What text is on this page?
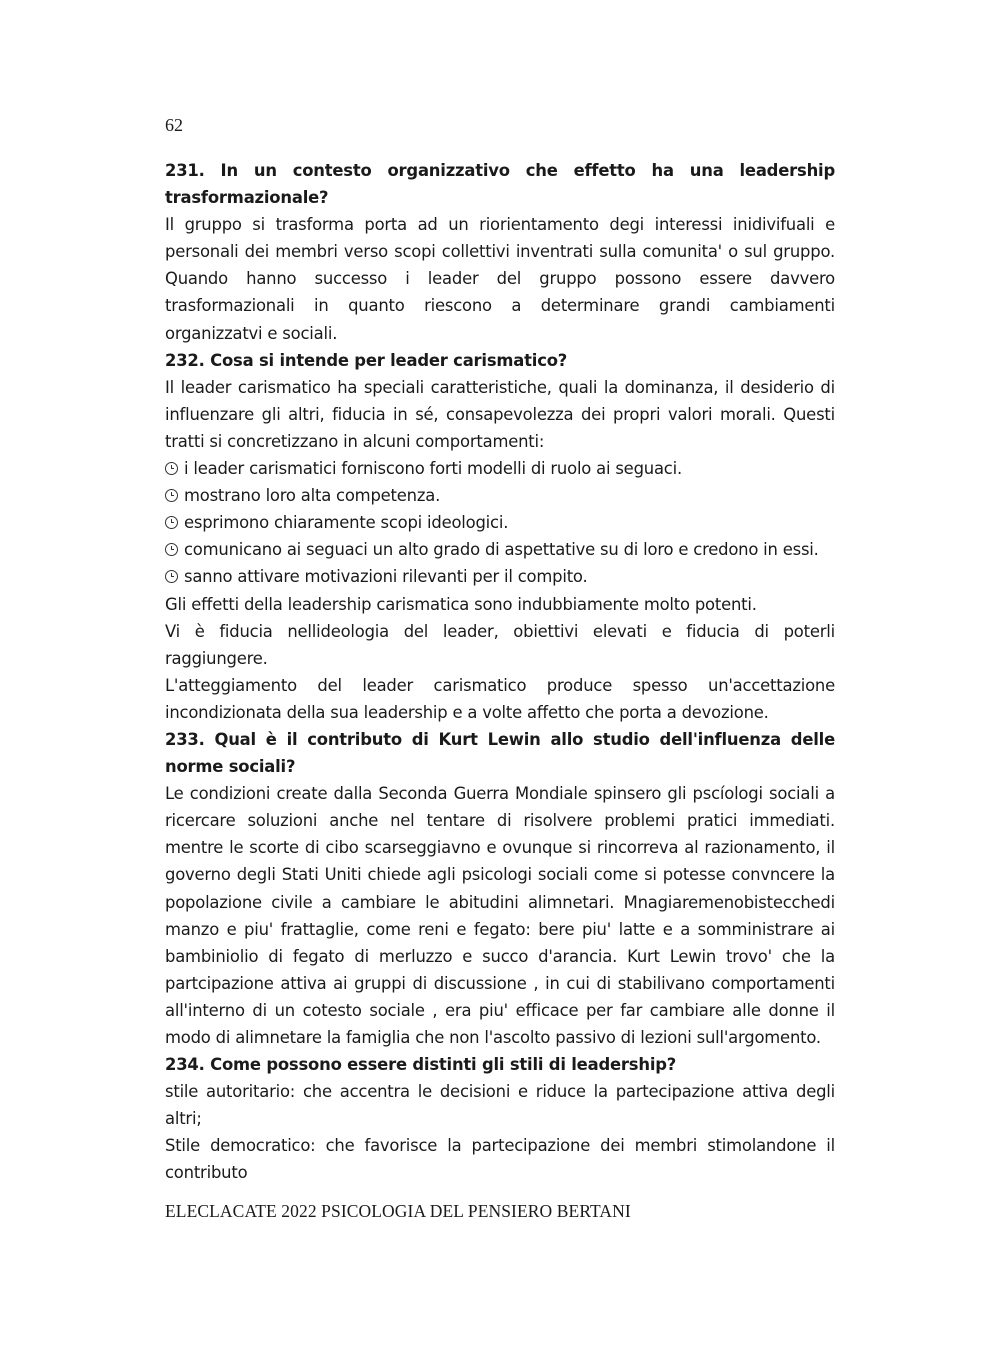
62

231. In un contesto organizzativo che effetto ha una leadership trasformazionale?

Il gruppo si trasforma porta ad un riorientamento degi interessi inidivifuali e personali dei membri verso scopi collettivi inventrati sulla comunita' o sul gruppo. Quando hanno successo i leader del gruppo possono essere davvero trasformazionali in quanto riescono a determinare grandi cambiamenti organizzatvi e sociali.

232. Cosa si intende per leader carismatico?

Il leader carismatico ha speciali caratteristiche, quali la dominanza, il desiderio di influenzare gli altri, fiducia in sé, consapevolezza dei propri valori morali. Questi tratti si concretizzano in alcuni comportamenti:

i leader carismatici forniscono forti modelli di ruolo ai seguaci.

mostrano loro alta competenza.

esprimono chiaramente scopi ideologici.

comunicano ai seguaci un alto grado di aspettative su di loro e credono in essi.

sanno attivare motivazioni rilevanti per il compito.

Gli effetti della leadership carismatica sono indubbiamente molto potenti.

Vi è fiducia nellideologia del leader, obiettivi elevati e fiducia di poterli raggiungere.

L'atteggiamento del leader carismatico produce spesso un'accettazione incondizionata della sua leadership e a volte affetto che porta a devozione.

233. Qual è il contributo di Kurt Lewin allo studio dell'influenza delle norme sociali?

Le condizioni create dalla Seconda Guerra Mondiale spinsero gli pscíologi sociali a ricercare soluzioni anche nel tentare di risolvere problemi pratici immediati. mentre le scorte di cibo scarseggiavno e ovunque si rincorreva al razionamento, il governo degli Stati Uniti chiede agli psicologi sociali come si potesse convncere la popolazione civile a cambiare le abitudini alimnetari. Mnagiaremenobistecchedi manzo e piu' frattaglie, come reni e fegato: bere piu' latte e a somministrare ai bambiniolio di fegato di merluzzo e succo d'arancia. Kurt Lewin trovo' che la partcipazione attiva ai gruppi di discussione , in cui di stabilivano comportamenti all'interno di un cotesto sociale , era piu' efficace per far cambiare alle donne il modo di alimnetare la famiglia che non l'ascolto passivo di lezioni sull'argomento.

234. Come possono essere distinti gli stili di leadership?

stile autoritario: che accentra le decisioni e riduce la partecipazione attiva degli altri;

Stile democratico: che favorisce la partecipazione dei membri stimolandone il contributo

ELECLACATE 2022 PSICOLOGIA DEL PENSIERO BERTANI
